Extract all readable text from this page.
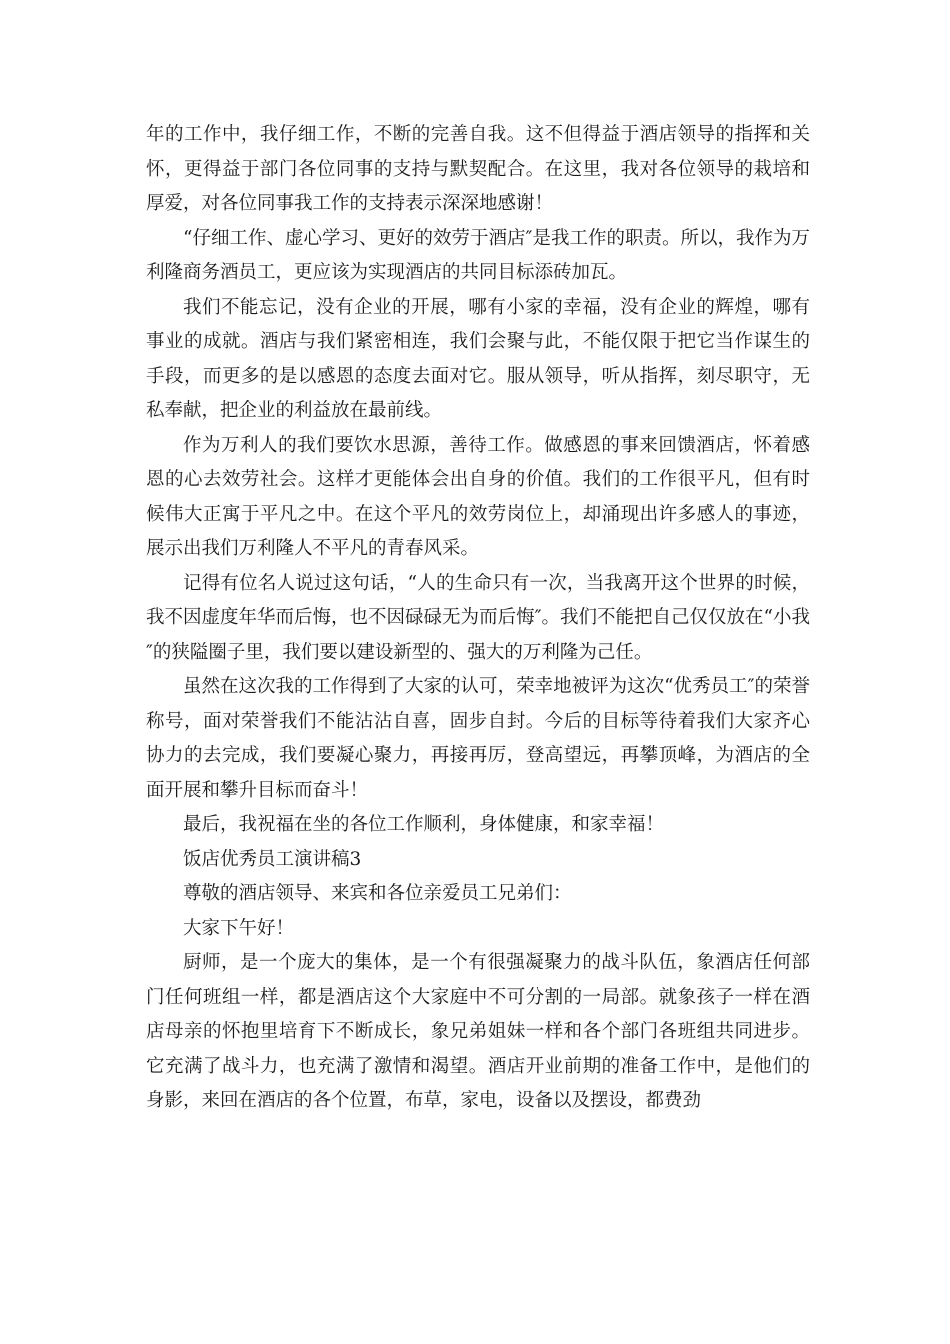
年的工作中，我仔细工作，不断的完善自我。这不但得益于酒店领导的指挥和关怀，更得益于部门各位同事的支持与默契配合。在这里，我对各位领导的栽培和厚爱，对各位同事我工作的支持表示深深地感谢！

“仔细工作、虚心学习、更好的效劳于酒店″是我工作的职责。所以，我作为万利隆商务酒员工，更应该为实现酒店的共同目标添砖加瓦。

我们不能忘记，没有企业的开展，哪有小家的幸福，没有企业的辉煌，哪有事业的成就。酒店与我们紧密相连，我们会聚与此，不能仅限于把它当作谋生的手段，而更多的是以感恩的态度去面对它。服从领导，听从指挥，刻尽职守，无私奉献，把企业的利益放在最前线。

作为万利人的我们要饮水思源，善待工作。做感恩的事来回馈酒店，怀着感恩的心去效劳社会。这样才更能体会出自身的价值。我们的工作很平凡，但有时候伟大正寓于平凡之中。在这个平凡的效劳岗位上，却涌现出许多感人的事迹，展示出我们万利隆人不平凡的青春风采。

记得有位名人说过这句话，“人的生命只有一次，当我离开这个世界的时候，我不因虚度年华而后悔，也不因碌碌无为而后悔″。我们不能把自己仅仅放在“小我″的狭隘圈子里，我们要以建设新型的、强大的万利隆为己任。

虽然在这次我的工作得到了大家的认可，荣幸地被评为这次“优秀员工″的荣誉称号，面对荣誉我们不能沾沾自喜，固步自封。今后的目标等待着我们大家齐心协力的去完成，我们要凝心聚力，再接再厉，登高望远，再攀顶峰，为酒店的全面开展和攀升目标而奋斗！

最后，我祝福在坐的各位工作顺利，身体健康，和家幸福！

饭店优秀员工演讲稿3

尊敬的酒店领导、来宾和各位亲爱员工兄弟们：

大家下午好！

厨师，是一个庞大的集体，是一个有很强凝聚力的战斗队伍，象酒店任何部门任何班组一样，都是酒店这个大家庭中不可分割的一局部。就象孩子一样在酒店母亲的怀抱里培育下不断成长，象兄弟姐妹一样和各个部门各班组共同进步。它充满了战斗力，也充满了激情和渴望。酒店开业前期的准备工作中，是他们的身影，来回在酒店的各个位置，布草，家电，设备以及摆设，都费劲
